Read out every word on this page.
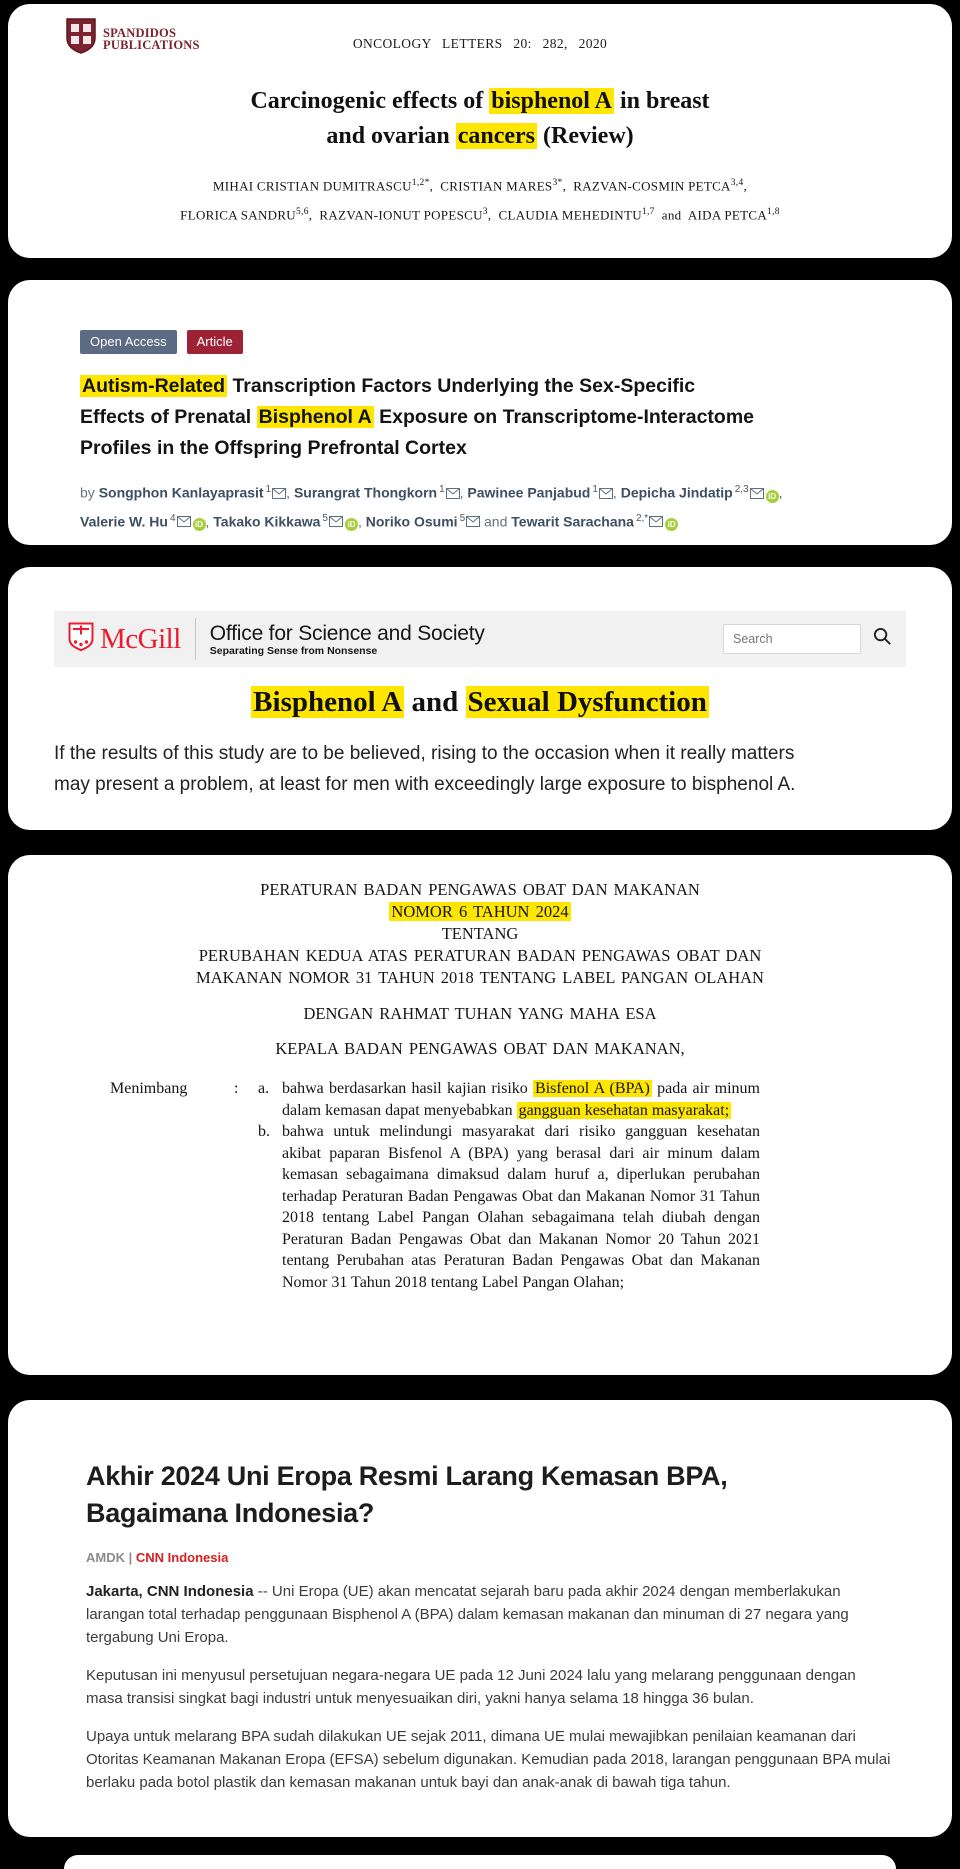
SPANDIDOS
PUBLICATIONS	ONCOLOGY LETTERS 20: 282, 2020
Carcinogenic effects of bisphenol A in breast
and ovarian cancers (Review)
MIHAI CRISTIAN $DUMITRASCU^{1,2*}$,  CRISTIAN $MARES^{3*}$,  RAZVAN-COSMIN PETCA$^{3,4}$,
FLORICA SANDRU$^{5,6}$,  RAZVAN-IONUT POPESCU$^3$,  CLAUDIA MEHEDINTU$^{1,7}$  and  AIDA PETCA$^{1,8}$
Open Access	Article
Autism-Related Transcription Factors Underlying the Sex-Specific
Effects of Prenatal Bisphenol A Exposure on Transcriptome-Interactome
Profiles in the Offspring Prefrontal Cortex
by Songphon Kanlayaprasit $^1$ , Surangrat Thongkorn $^1$ , Pawinee Panjabud $^1$ , Depicha Jindatip $^{2,3}$iD ,
Valerie W. Hu $^4$iD , Takako Kikkawa $^5$iD , Noriko Osumi $^5$ and Tewarit Sarachana $^{2,*}$iD
McGill Office for Science and Society
Separating Sense from Nonsense
Search
Bisphenol A and Sexual Dysfunction
If the results of this study are to be believed, rising to the occasion when it really matters
may present a problem, at least for men with exceedingly large exposure to bisphenol A.
PERATURAN BADAN PENGAWAS OBAT DAN MAKANAN
NOMOR 6 TAHUN 2024
TENTANG
PERUBAHAN KEDUA ATAS PERATURAN BADAN PENGAWAS OBAT DAN
MAKANAN NOMOR 31 TAHUN 2018 TENTANG LABEL PANGAN OLAHAN
DENGAN RAHMAT TUHAN YANG MAHA ESA
KEPALA BADAN PENGAWAS OBAT DAN MAKANAN,
Menimbang	:	a. bahwa berdasarkan hasil kajian risiko Bisfenol A (BPA) pada air minum dalam kemasan dapat menyebabkan gangguan kesehatan masyarakat;
b. bahwa untuk melindungi masyarakat dari risiko gangguan kesehatan akibat paparan Bisfenol A (BPA) yang berasal dari air minum dalam kemasan sebagaimana dimaksud dalam huruf a, diperlukan perubahan terhadap Peraturan Badan Pengawas Obat dan Makanan Nomor 31 Tahun 2018 tentang Label Pangan Olahan sebagaimana telah diubah dengan Peraturan Badan Pengawas Obat dan Makanan Nomor 20 Tahun 2021 tentang Perubahan atas Peraturan Badan Pengawas Obat dan Makanan Nomor 31 Tahun 2018 tentang Label Pangan Olahan;
Akhir 2024 Uni Eropa Resmi Larang Kemasan BPA,
Bagaimana Indonesia?
AMDK | CNN Indonesia

Jakarta, CNN Indonesia -- Uni Eropa (UE) akan mencatat sejarah baru pada akhir 2024 dengan memberlakukan larangan total terhadap penggunaan Bisphenol A (BPA) dalam kemasan makanan dan minuman di 27 negara yang tergabung Uni Eropa.

Keputusan ini menyusul persetujuan negara-negara UE pada 12 Juni 2024 lalu yang melarang penggunaan dengan masa transisi singkat bagi industri untuk menyesuaikan diri, yakni hanya selama 18 hingga 36 bulan.

Upaya untuk melarang BPA sudah dilakukan UE sejak 2011, dimana UE mulai mewajibkan penilaian keamanan dari Otoritas Keamanan Makanan Eropa (EFSA) sebelum digunakan. Kemudian pada 2018, larangan penggunaan BPA mulai berlaku pada botol plastik dan kemasan makanan untuk bayi dan anak-anak di bawah tiga tahun.
